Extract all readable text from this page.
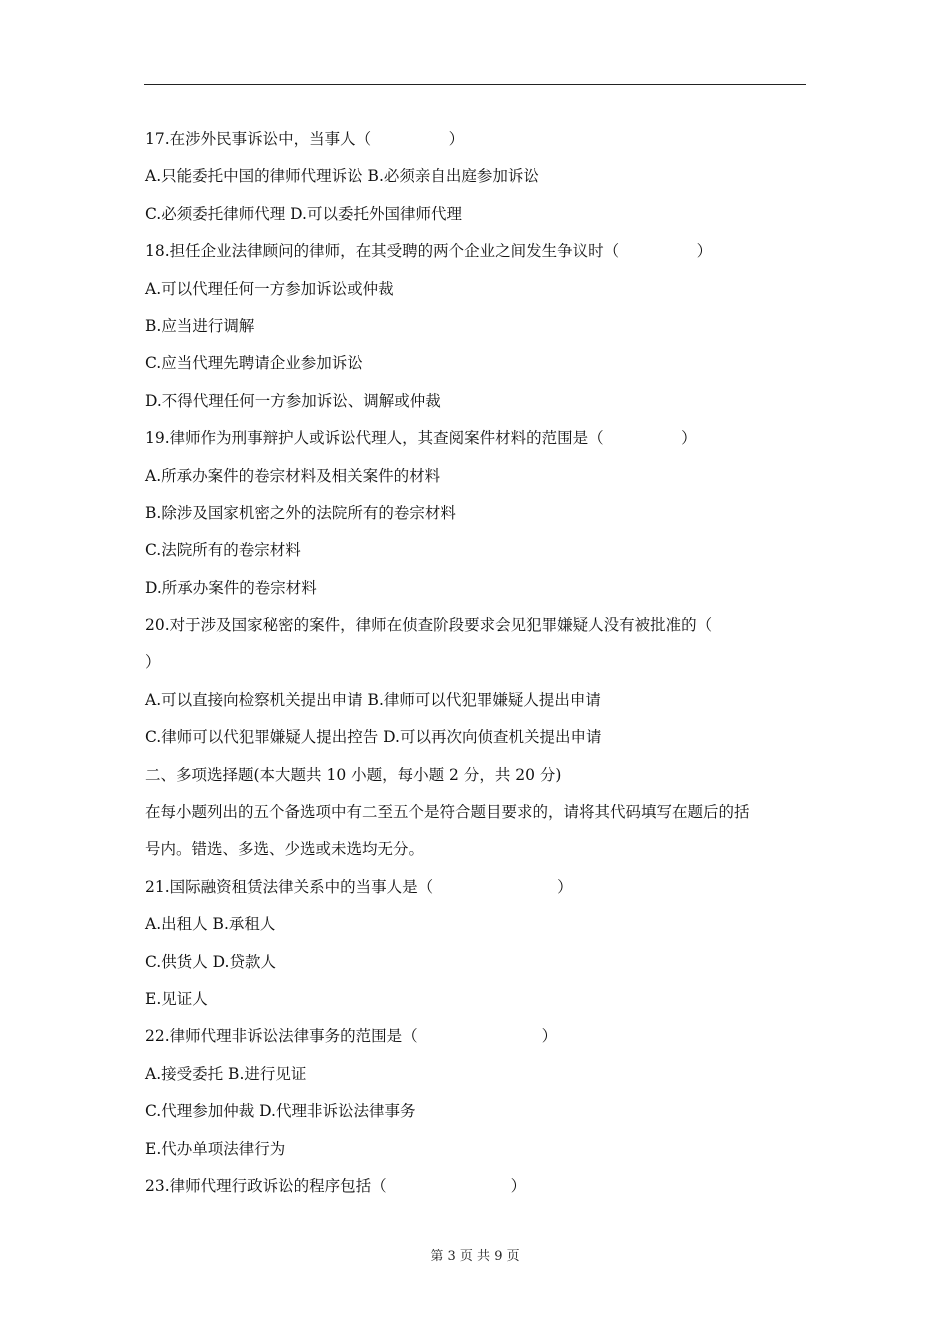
17.在涉外民事诉讼中，当事人（　　　　　）
A.只能委托中国的律师代理诉讼 B.必须亲自出庭参加诉讼
C.必须委托律师代理 D.可以委托外国律师代理
18.担任企业法律顾问的律师，在其受聘的两个企业之间发生争议时（　　　　　）
A.可以代理任何一方参加诉讼或仲裁
B.应当进行调解
C.应当代理先聘请企业参加诉讼
D.不得代理任何一方参加诉讼、调解或仲裁
19.律师作为刑事辩护人或诉讼代理人，其查阅案件材料的范围是（　　　　　）
A.所承办案件的卷宗材料及相关案件的材料
B.除涉及国家机密之外的法院所有的卷宗材料
C.法院所有的卷宗材料
D.所承办案件的卷宗材料
20.对于涉及国家秘密的案件，律师在侦查阶段要求会见犯罪嫌疑人没有被批准的（
）
A.可以直接向检察机关提出申请 B.律师可以代犯罪嫌疑人提出申请
C.律师可以代犯罪嫌疑人提出控告 D.可以再次向侦查机关提出申请
二、多项选择题(本大题共 10 小题，每小题 2 分，共 20 分)
在每小题列出的五个备选项中有二至五个是符合题目要求的，请将其代码填写在题后的括
号内。错选、多选、少选或未选均无分。
21.国际融资租赁法律关系中的当事人是（　　　　　　　　）
A.出租人 B.承租人
C.供货人 D.贷款人
E.见证人
22.律师代理非诉讼法律事务的范围是（　　　　　　　　）
A.接受委托 B.进行见证
C.代理参加仲裁 D.代理非诉讼法律事务
E.代办单项法律行为
23.律师代理行政诉讼的程序包括（　　　　　　　　）
第 3 页 共 9 页
